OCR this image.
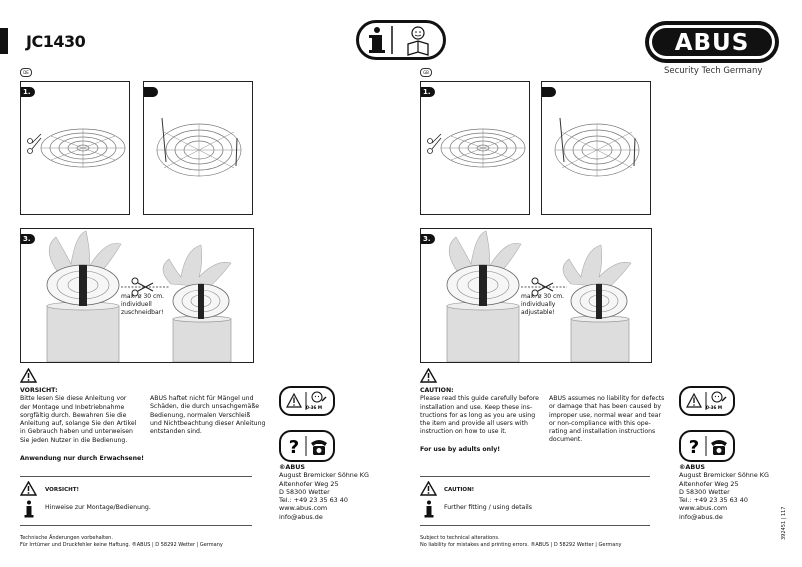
JC1430	ABUS
Security Tech Germany
DE
1.
3.
max. ø 30 cm.
individuell
zuschneidbar!
VORSICHT:
Bitte lesen Sie diese Anleitung vor
der Montage und Inbetriebnahme
sorgfältig durch. Bewahren Sie die
Anleitung auf, solange Sie den Artikel
in Gebrauch haben und unterweisen
Sie jeden Nutzer in die Bedienung.
ABUS haftet nicht für Mängel und
Schäden, die durch unsachgemäße
Bedienung, normalen Verschleiß
und Nichtbeachtung dieser Anleitung
entstanden sind.
Anwendung nur durch Erwachsene!
VORSICHT!
Hinweise zur Montage/Bedienung.
Technische Änderungen vorbehalten.
Für Irrtümer und Druckfehler keine Haftung. ®ABUS | D 58292 Wetter | Germany
0-36 M
?
®ABUS
August Bremicker Söhne KG
Altenhofer Weg 25
D 58300 Wetter
Tel.: +49 23 35 63 40
www.abus.com
info@abus.de
GB
1.
3.
max. ø 30 cm.
individually
adjustable!
CAUTION:
Please read this guide carefully before
installation and use. Keep these ins-
tructions for as long as you are using
the item and provide all users with
instruction on how to use it.
ABUS assumes no liability for defects
or damage that has been caused by
improper use, normal wear and tear
or non-compliance with this ope-
rating and installation instructions
document.
For use by adults only!
CAUTION!
Further fitting / using details
Subject to technical alterations.
No liability for mistakes and printing errors. ®ABUS | D 58292 Wetter | Germany
0-36 M
?
®ABUS
August Bremicker Söhne KG
Altenhofer Weg 25
D 58300 Wetter
Tel.: +49 23 35 63 40
www.abus.com
info@abus.de	392451 | 117
